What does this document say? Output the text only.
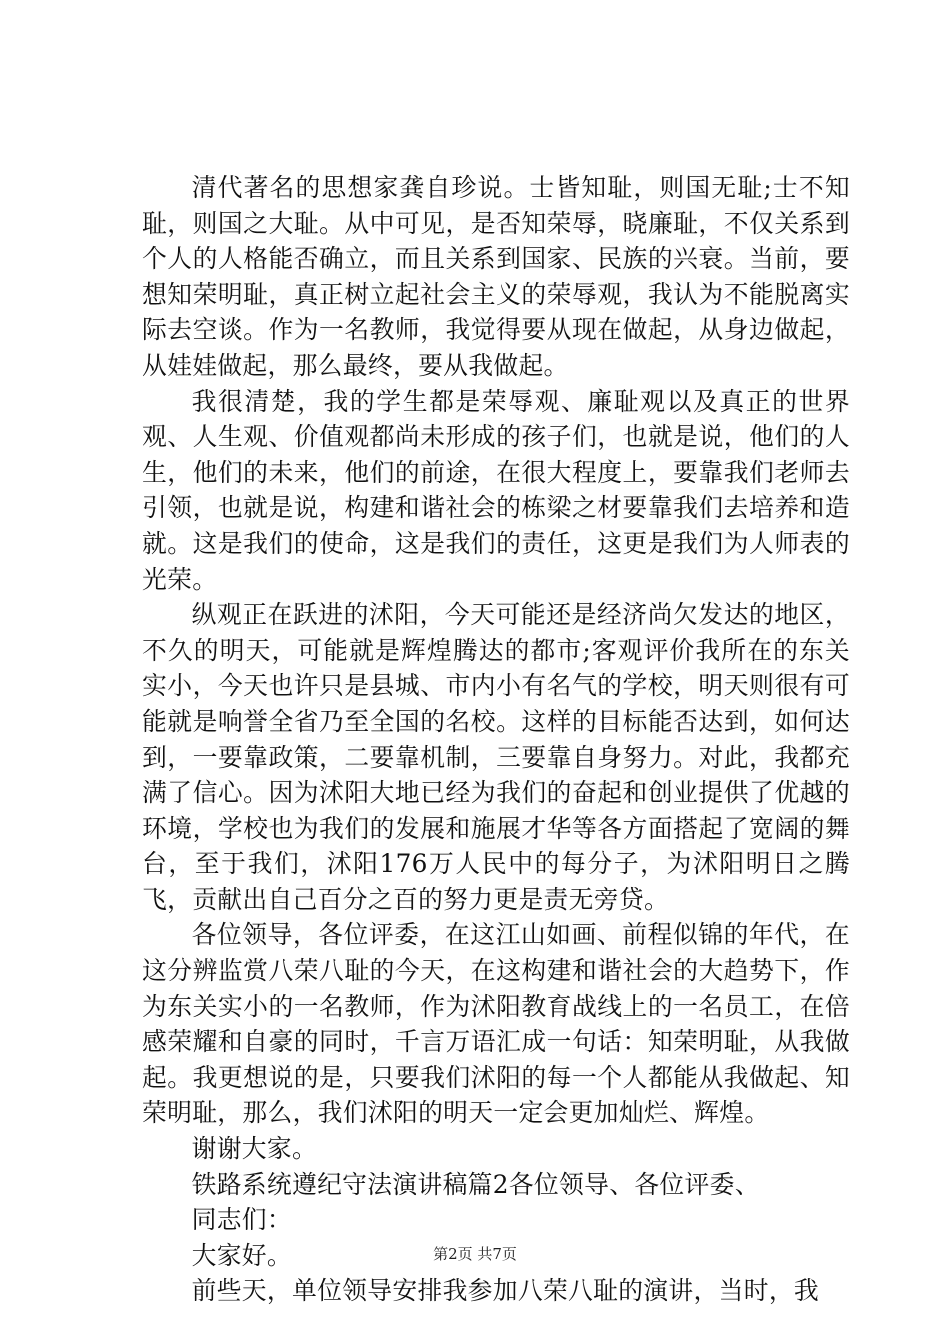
清代著名的思想家龚自珍说。士皆知耻，则国无耻;士不知耻，则国之大耻。从中可见，是否知荣辱，晓廉耻，不仅关系到个人的人格能否确立，而且关系到国家、民族的兴衰。当前，要想知荣明耻，真正树立起社会主义的荣辱观，我认为不能脱离实际去空谈。作为一名教师，我觉得要从现在做起，从身边做起，从娃娃做起，那么最终，要从我做起。

我很清楚，我的学生都是荣辱观、廉耻观以及真正的世界观、人生观、价值观都尚未形成的孩子们，也就是说，他们的人生，他们的未来，他们的前途，在很大程度上，要靠我们老师去引领，也就是说，构建和谐社会的栋梁之材要靠我们去培养和造就。这是我们的使命，这是我们的责任，这更是我们为人师表的光荣。

纵观正在跃进的沭阳，今天可能还是经济尚欠发达的地区，不久的明天，可能就是辉煌腾达的都市;客观评价我所在的东关实小，今天也许只是县城、市内小有名气的学校，明天则很有可能就是响誉全省乃至全国的名校。这样的目标能否达到，如何达到，一要靠政策，二要靠机制，三要靠自身努力。对此，我都充满了信心。因为沭阳大地已经为我们的奋起和创业提供了优越的环境，学校也为我们的发展和施展才华等各方面搭起了宽阔的舞台，至于我们，沭阳176万人民中的每分子，为沭阳明日之腾飞，贡献出自己百分之百的努力更是责无旁贷。

各位领导，各位评委，在这江山如画、前程似锦的年代，在这分辨监赏八荣八耻的今天，在这构建和谐社会的大趋势下，作为东关实小的一名教师，作为沭阳教育战线上的一名员工，在倍感荣耀和自豪的同时，千言万语汇成一句话：知荣明耻，从我做起。我更想说的是，只要我们沭阳的每一个人都能从我做起、知荣明耻，那么，我们沭阳的明天一定会更加灿烂、辉煌。

谢谢大家。

铁路系统遵纪守法演讲稿篇2各位领导、各位评委、

同志们：

大家好。

前些天，单位领导安排我参加八荣八耻的演讲，当时，我

第2页 共7页
